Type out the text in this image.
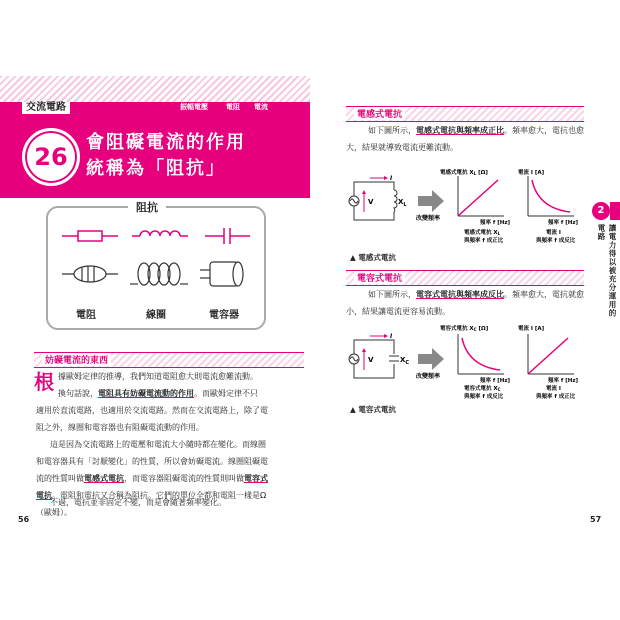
交流電路	振幅電壓	電阻	電流
26
會阻礙電流的作用
統稱為「阻抗」
阻抗
電阻	線圈	電容器
妨礙電流的東西
根 據歐姆定律的推導，我們知道電阻愈大則電流愈難流動。
換句話說，電阻具有妨礙電流動的作用。而歐姆定律不只
適用於直流電路，也適用於交流電路。然而在交流電路上，除了電
阻之外，線圈和電容器也有阻礙電流動的作用。
這是因為交流電路上的電壓和電流大小隨時都在變化。而線圈
和電容器具有「討厭變化」的性質，所以會妨礙電流。線圈阻礙電
流的性質叫做電感式電抗，而電容器阻礙電流的性質則叫做電容式
電抗。電阻和電抗又合稱為阻抗。它們的單位全都和電阻一樣是Ω
（歐姆）。
不過，電抗並非固定不變，而是會隨著頻率變化。
56
電感式電抗
如下圖所示，電感式電抗與頻率成正比。頻率愈大，電抗也愈
大，結果就導致電流更難流動。
V	$X_L$
I
改變頻率
電感式電抗 XL [Ω]
頻率 f [Hz]
電感式電抗 XL
與頻率 f 成正比
電流 I [A]
頻率 f [Hz]
電流 I
與頻率 f 成反比
▲ 電感式電抗
電容式電抗
如下圖所示，電容式電抗與頻率成反比。頻率愈大，電抗就愈
小，結果讓電流更容易流動。
V	$X_C$
I
改變頻率
電容式電抗 XC [Ω]
頻率 f [Hz]
電容式電抗 XC
與頻率 f 成反比
電流 I [A]
頻率 f [Hz]
電流 I
與頻率 f 成正比
▲ 電容式電抗
2
讓電力得以被充分運用的電路
57
